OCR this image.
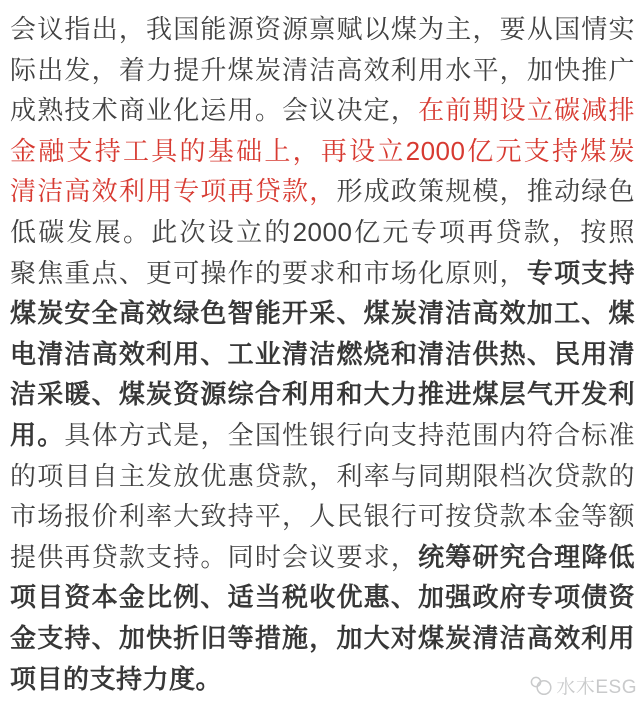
会议指出，我国能源资源禀赋以煤为主，要从国情实
际出发，着力提升煤炭清洁高效利用水平，加快推广
成熟技术商业化运用。会议决定，在前期设立碳减排
金融支持工具的基础上，再设立2000亿元支持煤炭
清洁高效利用专项再贷款，形成政策规模，推动绿色
低碳发展。此次设立的2000亿元专项再贷款，按照
聚焦重点、更可操作的要求和市场化原则，专项支持
煤炭安全高效绿色智能开采、煤炭清洁高效加工、煤
电清洁高效利用、工业清洁燃烧和清洁供热、民用清
洁采暖、煤炭资源综合利用和大力推进煤层气开发利
用。具体方式是，全国性银行向支持范围内符合标准
的项目自主发放优惠贷款，利率与同期限档次贷款的
市场报价利率大致持平，人民银行可按贷款本金等额
提供再贷款支持。同时会议要求，统筹研究合理降低
项目资本金比例、适当税收优惠、加强政府专项债资
金支持、加快折旧等措施，加大对煤炭清洁高效利用
项目的支持力度。	水木ESG
